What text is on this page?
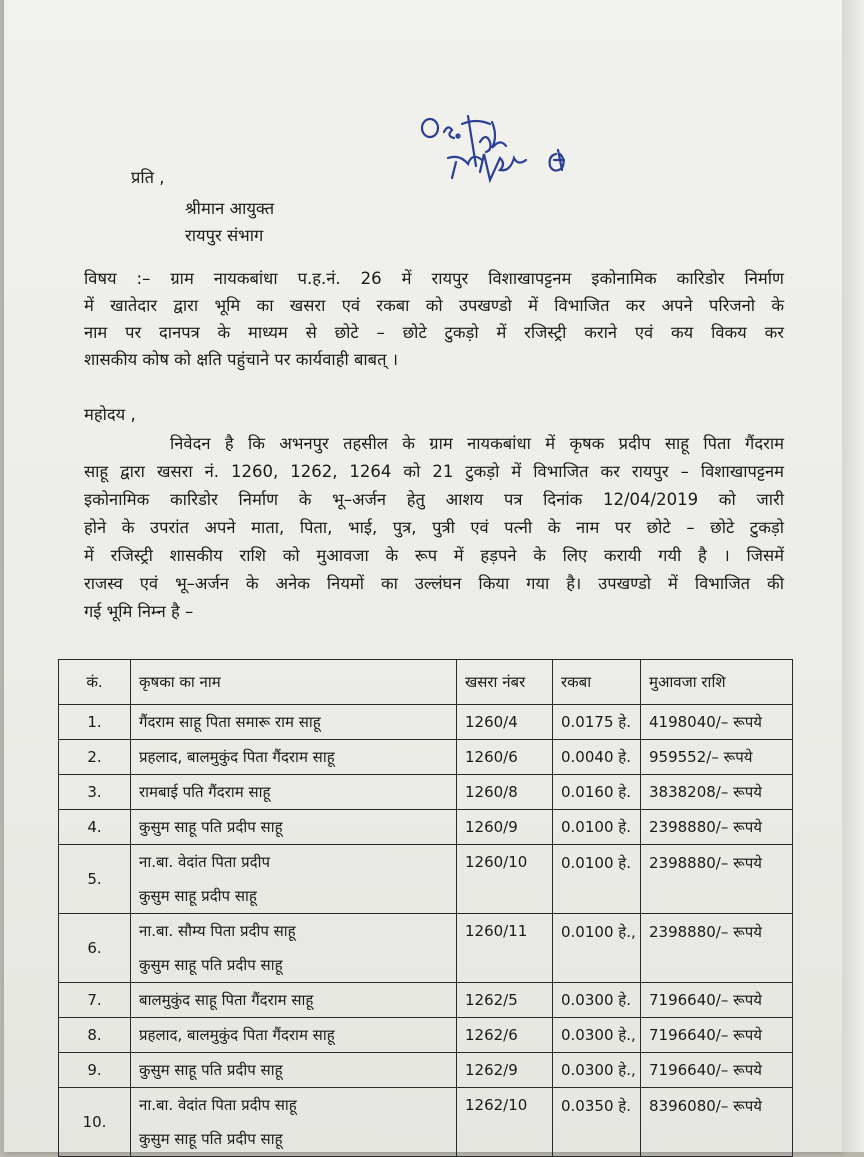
प्रति ,
श्रीमान आयुक्त
रायपुर संभाग
विषय :– ग्राम नायकबांधा प.ह.नं. 26 में रायपुर विशाखापट्टनम इकोनामिक कारिडोर निर्माण
में खातेदार द्वारा भूमि का खसरा एवं रकबा को उपखण्डो में विभाजित कर अपने परिजनो के
नाम पर दानपत्र के माध्यम से छोटे – छोटे टुकड़ो में रजिस्ट्री कराने एवं कय विकय कर
शासकीय कोष को क्षति पहुंचाने पर कार्यवाही बाबत् ।
महोदय ,
निवेदन है कि अभनपुर तहसील के ग्राम नायकबांधा में कृषक प्रदीप साहू पिता गैंदराम
साहू द्वारा खसरा नं. 1260, 1262, 1264 को 21 टुकड़ो में विभाजित कर रायपुर – विशाखापट्टनम
इकोनामिक कारिडोर निर्माण के भू–अर्जन हेतु आशय पत्र दिनांक 12/04/2019 को जारी
होने के उपरांत अपने माता, पिता, भाई, पुत्र, पुत्री एवं पत्नी के नाम पर छोटे – छोटे टुकड़ो
में रजिस्ट्री शासकीय राशि को मुआवजा के रूप में हड़पने के लिए करायी गयी है । जिसमें
राजस्व एवं भू–अर्जन के अनेक नियमों का उल्लंघन किया गया है। उपखण्डो में विभाजित की
गई भूमि निम्न है –
कं.	कृषका का नाम	खसरा नंबर	रकबा	मुआवजा राशि
1.	गैंदराम साहू पिता समारू राम साहू	1260/4	0.0175 हे.	4198040/– रूपये
2.	प्रहलाद, बालमुकुंद पिता गैंदराम साहू	1260/6	0.0040 हे.	959552/– रूपये
3.	रामबाई पति गैंदराम साहू	1260/8	0.0160 हे.	3838208/– रूपये
4.	कुसुम साहू पति प्रदीप साहू	1260/9	0.0100 हे.	2398880/– रूपये
5.	ना.बा. वेदांत पिता प्रदीप
कुसुम साहू प्रदीप साहू	1260/10	0.0100 हे.	2398880/– रूपये
6.	ना.बा. सौम्य पिता प्रदीप साहू
कुसुम साहू पति प्रदीप साहू	1260/11	0.0100 हे.,	2398880/– रूपये
7.	बालमुकुंद साहू पिता गैंदराम साहू	1262/5	0.0300 हे.	7196640/– रूपये
8.	प्रहलाद, बालमुकुंद पिता गैंदराम साहू	1262/6	0.0300 हे.,	7196640/– रूपये
9.	कुसुम साहू पति प्रदीप साहू	1262/9	0.0300 हे.,	7196640/– रूपये
10.	ना.बा. वेदांत पिता प्रदीप साहू
कुसुम साहू पति प्रदीप साहू	1262/10	0.0350 हे.	8396080/– रूपये
